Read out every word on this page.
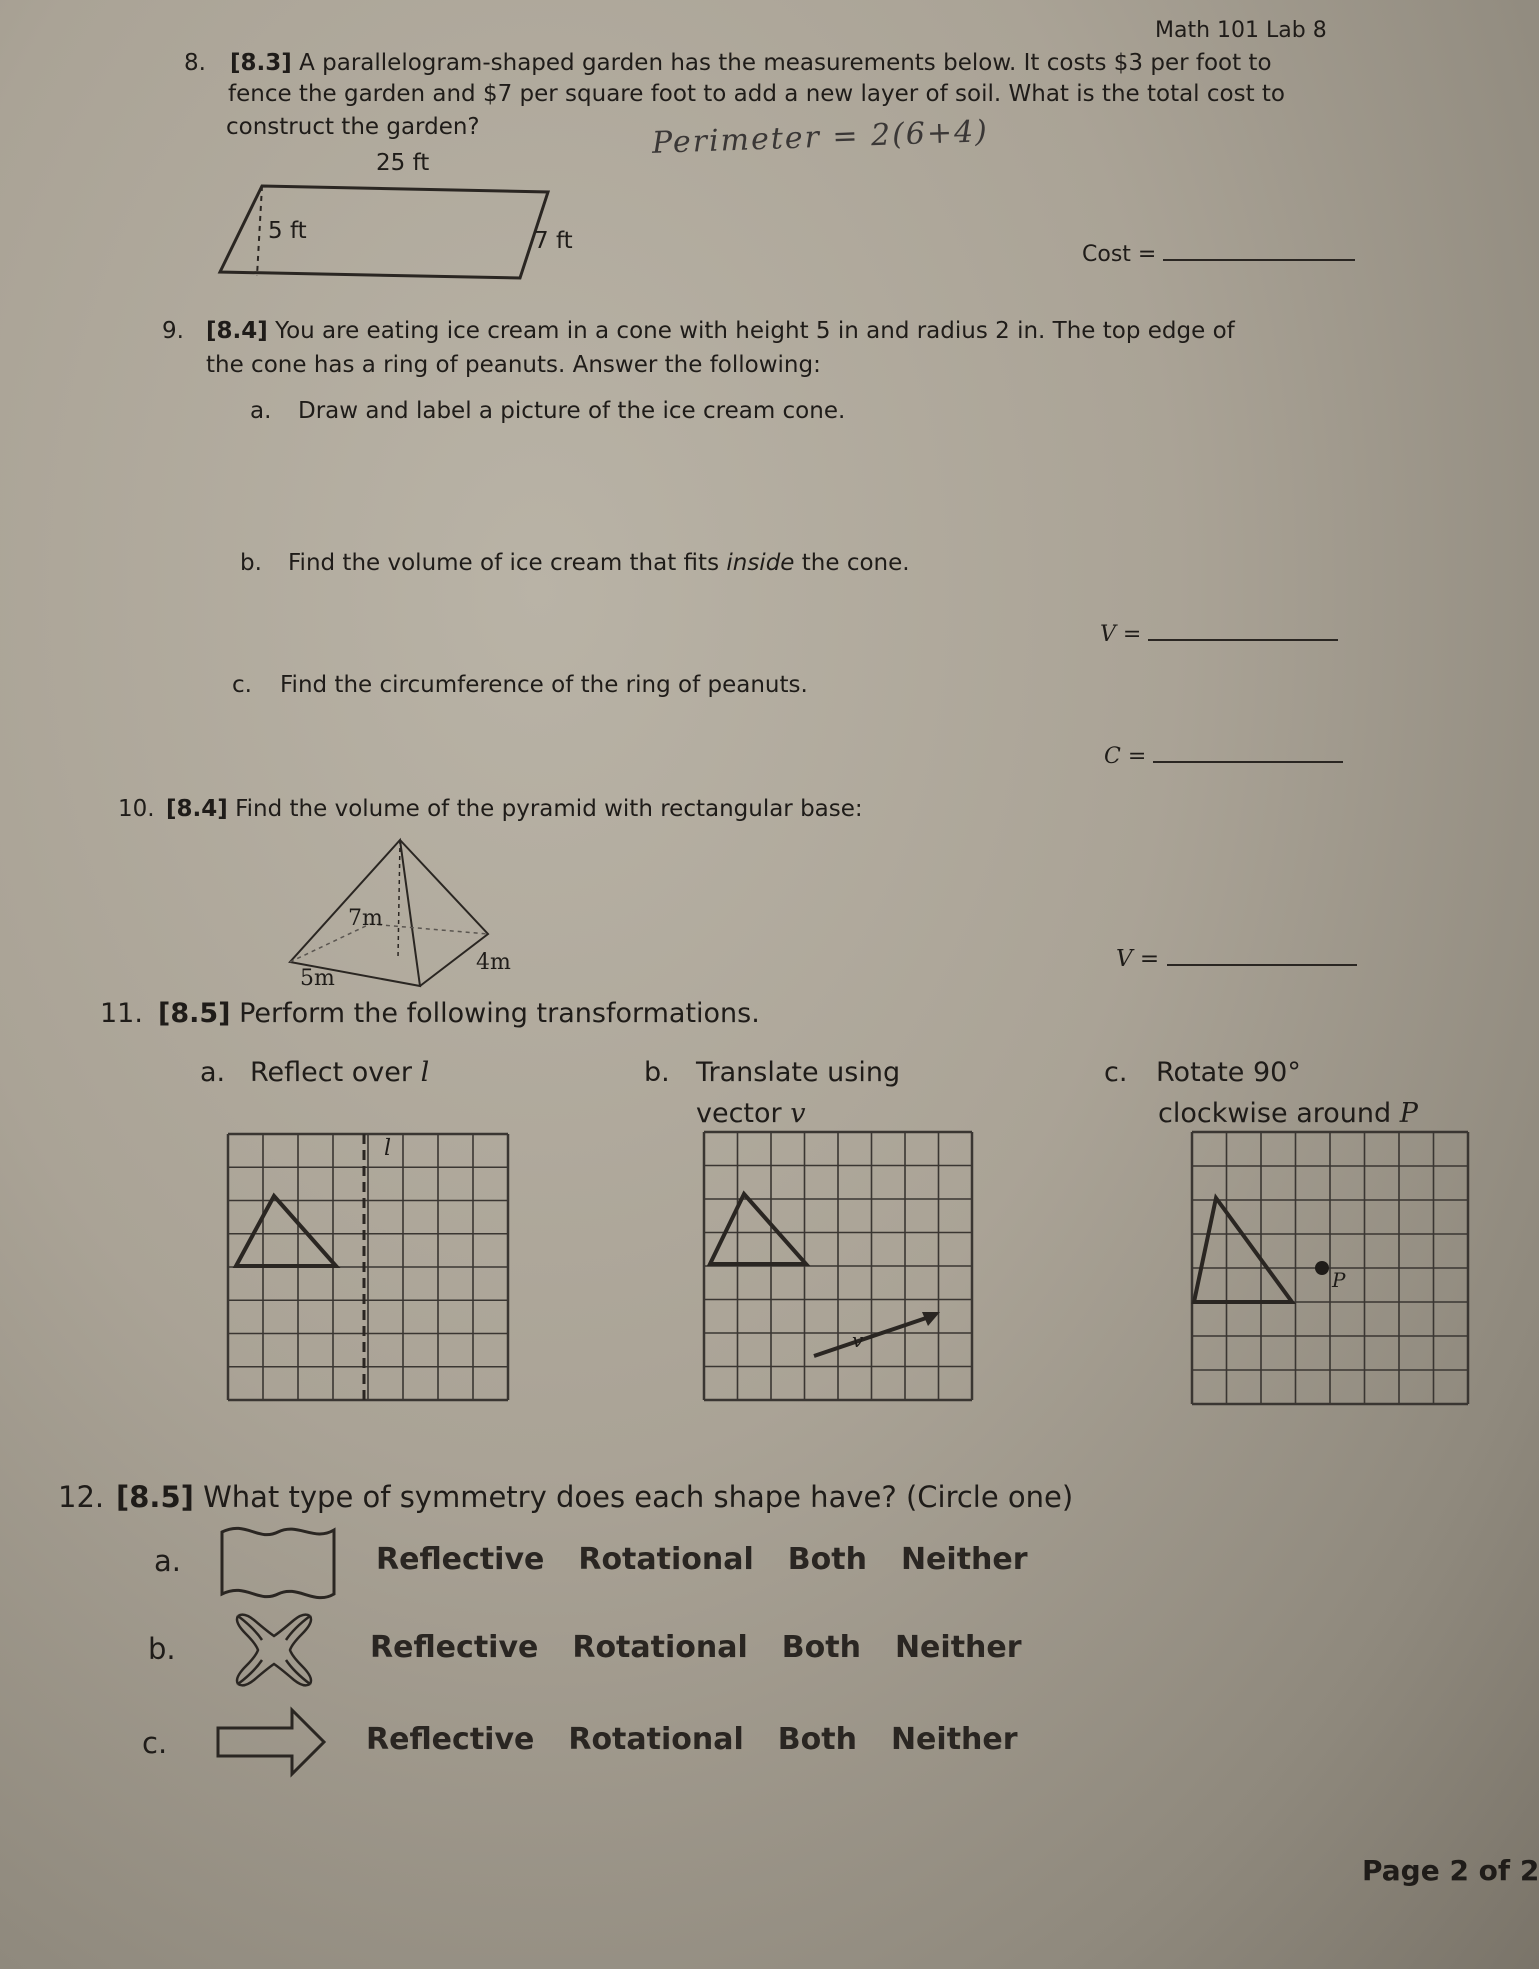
Math 101 Lab 8
8. [8.3] A parallelogram-shaped garden has the measurements below. It costs $3 per foot to
fence the garden and $7 per square foot to add a new layer of soil. What is the total cost to
construct the garden?	Perimeter = 2(6+4)
25 ft
5 ft	7 ft
Cost =
9. [8.4] You are eating ice cream in a cone with height 5 in and radius 2 in. The top edge of
the cone has a ring of peanuts. Answer the following:
a. Draw and label a picture of the ice cream cone.
b. Find the volume of ice cream that fits inside the cone.
V =
c. Find the circumference of the ring of peanuts.
C =
10. [8.4] Find the volume of the pyramid with rectangular base:
7m
4m
5m
V =
11. [8.5] Perform the following transformations.
a. Reflect over l	b. Translate using
vector v
c. Rotate 90°
clockwise around P
l
v
P
12. [8.5] What type of symmetry does each shape have? (Circle one)
a.	Reflective Rotational Both Neither
b.	Reflective Rotational Both Neither
c.	Reflective Rotational Both Neither
Page 2 of 2
